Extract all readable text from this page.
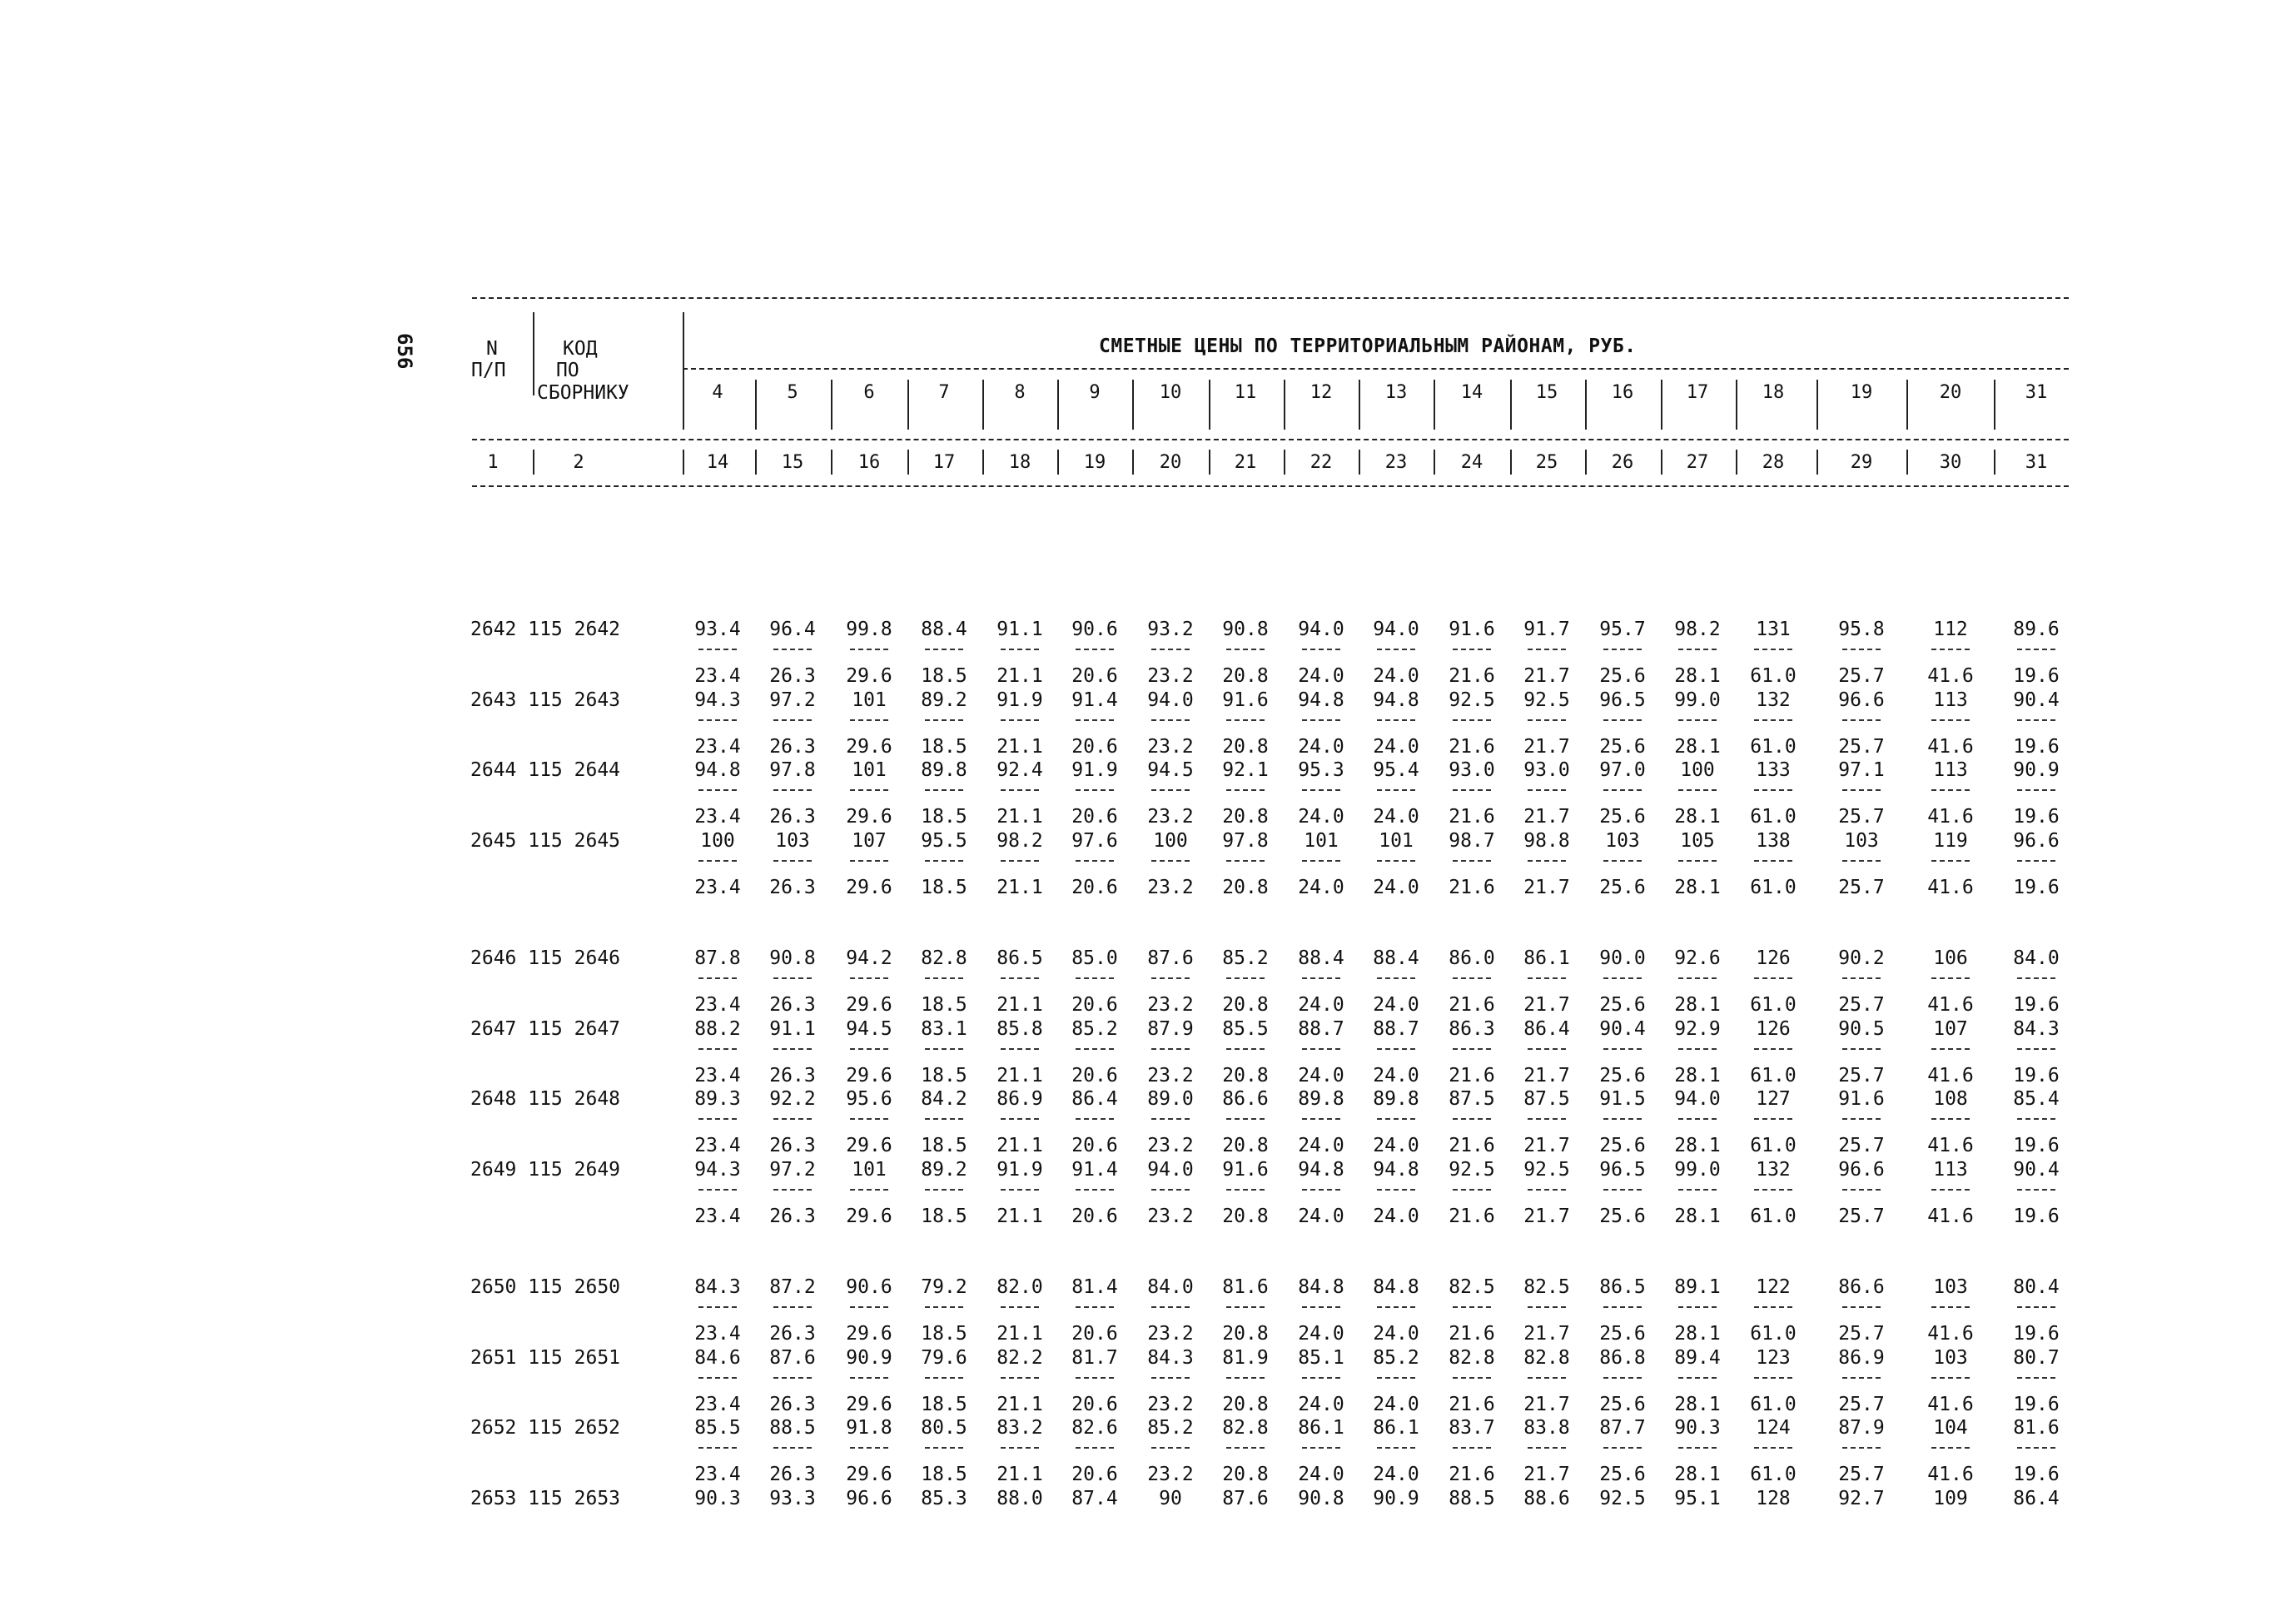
656	N
П/П
КОД
ПО
СБОРНИКУ
СМЕТНЫЕ ЦЕНЫ ПО ТЕРРИТОРИАЛЬНЫМ РАЙОНАМ, РУБ.
4	5	6	7	8	9	10	11	12	13	14	15	16	17	18	19	20	31
1	2	14	15	16	17	18	19	20	21	22	23	24	25	26	27	28	29	30	31
2642 115 2642	93.4	96.4	99.8	88.4	91.1	90.6	93.2	90.8	94.0	94.0	91.6	91.7	95.7	98.2	131	95.8	112	89.6
23.4	26.3	29.6	18.5	21.1	20.6	23.2	20.8	24.0	24.0	21.6	21.7	25.6	28.1	61.0	25.7	41.6	19.6
2643 115 2643	94.3	97.2	101	89.2	91.9	91.4	94.0	91.6	94.8	94.8	92.5	92.5	96.5	99.0	132	96.6	113	90.4
23.4	26.3	29.6	18.5	21.1	20.6	23.2	20.8	24.0	24.0	21.6	21.7	25.6	28.1	61.0	25.7	41.6	19.6
2644 115 2644	94.8	97.8	101	89.8	92.4	91.9	94.5	92.1	95.3	95.4	93.0	93.0	97.0	100	133	97.1	113	90.9
23.4	26.3	29.6	18.5	21.1	20.6	23.2	20.8	24.0	24.0	21.6	21.7	25.6	28.1	61.0	25.7	41.6	19.6
2645 115 2645	100	103	107	95.5	98.2	97.6	100	97.8	101	101	98.7	98.8	103	105	138	103	119	96.6
23.4	26.3	29.6	18.5	21.1	20.6	23.2	20.8	24.0	24.0	21.6	21.7	25.6	28.1	61.0	25.7	41.6	19.6
2646 115 2646	87.8	90.8	94.2	82.8	86.5	85.0	87.6	85.2	88.4	88.4	86.0	86.1	90.0	92.6	126	90.2	106	84.0
23.4	26.3	29.6	18.5	21.1	20.6	23.2	20.8	24.0	24.0	21.6	21.7	25.6	28.1	61.0	25.7	41.6	19.6
2647 115 2647	88.2	91.1	94.5	83.1	85.8	85.2	87.9	85.5	88.7	88.7	86.3	86.4	90.4	92.9	126	90.5	107	84.3
23.4	26.3	29.6	18.5	21.1	20.6	23.2	20.8	24.0	24.0	21.6	21.7	25.6	28.1	61.0	25.7	41.6	19.6
2648 115 2648	89.3	92.2	95.6	84.2	86.9	86.4	89.0	86.6	89.8	89.8	87.5	87.5	91.5	94.0	127	91.6	108	85.4
23.4	26.3	29.6	18.5	21.1	20.6	23.2	20.8	24.0	24.0	21.6	21.7	25.6	28.1	61.0	25.7	41.6	19.6
2649 115 2649	94.3	97.2	101	89.2	91.9	91.4	94.0	91.6	94.8	94.8	92.5	92.5	96.5	99.0	132	96.6	113	90.4
23.4	26.3	29.6	18.5	21.1	20.6	23.2	20.8	24.0	24.0	21.6	21.7	25.6	28.1	61.0	25.7	41.6	19.6
2650 115 2650	84.3	87.2	90.6	79.2	82.0	81.4	84.0	81.6	84.8	84.8	82.5	82.5	86.5	89.1	122	86.6	103	80.4
23.4	26.3	29.6	18.5	21.1	20.6	23.2	20.8	24.0	24.0	21.6	21.7	25.6	28.1	61.0	25.7	41.6	19.6
2651 115 2651	84.6	87.6	90.9	79.6	82.2	81.7	84.3	81.9	85.1	85.2	82.8	82.8	86.8	89.4	123	86.9	103	80.7
23.4	26.3	29.6	18.5	21.1	20.6	23.2	20.8	24.0	24.0	21.6	21.7	25.6	28.1	61.0	25.7	41.6	19.6
2652 115 2652	85.5	88.5	91.8	80.5	83.2	82.6	85.2	82.8	86.1	86.1	83.7	83.8	87.7	90.3	124	87.9	104	81.6
23.4	26.3	29.6	18.5	21.1	20.6	23.2	20.8	24.0	24.0	21.6	21.7	25.6	28.1	61.0	25.7	41.6	19.6
2653 115 2653	90.3	93.3	96.6	85.3	88.0	87.4	90	87.6	90.8	90.9	88.5	88.6	92.5	95.1	128	92.7	109	86.4
